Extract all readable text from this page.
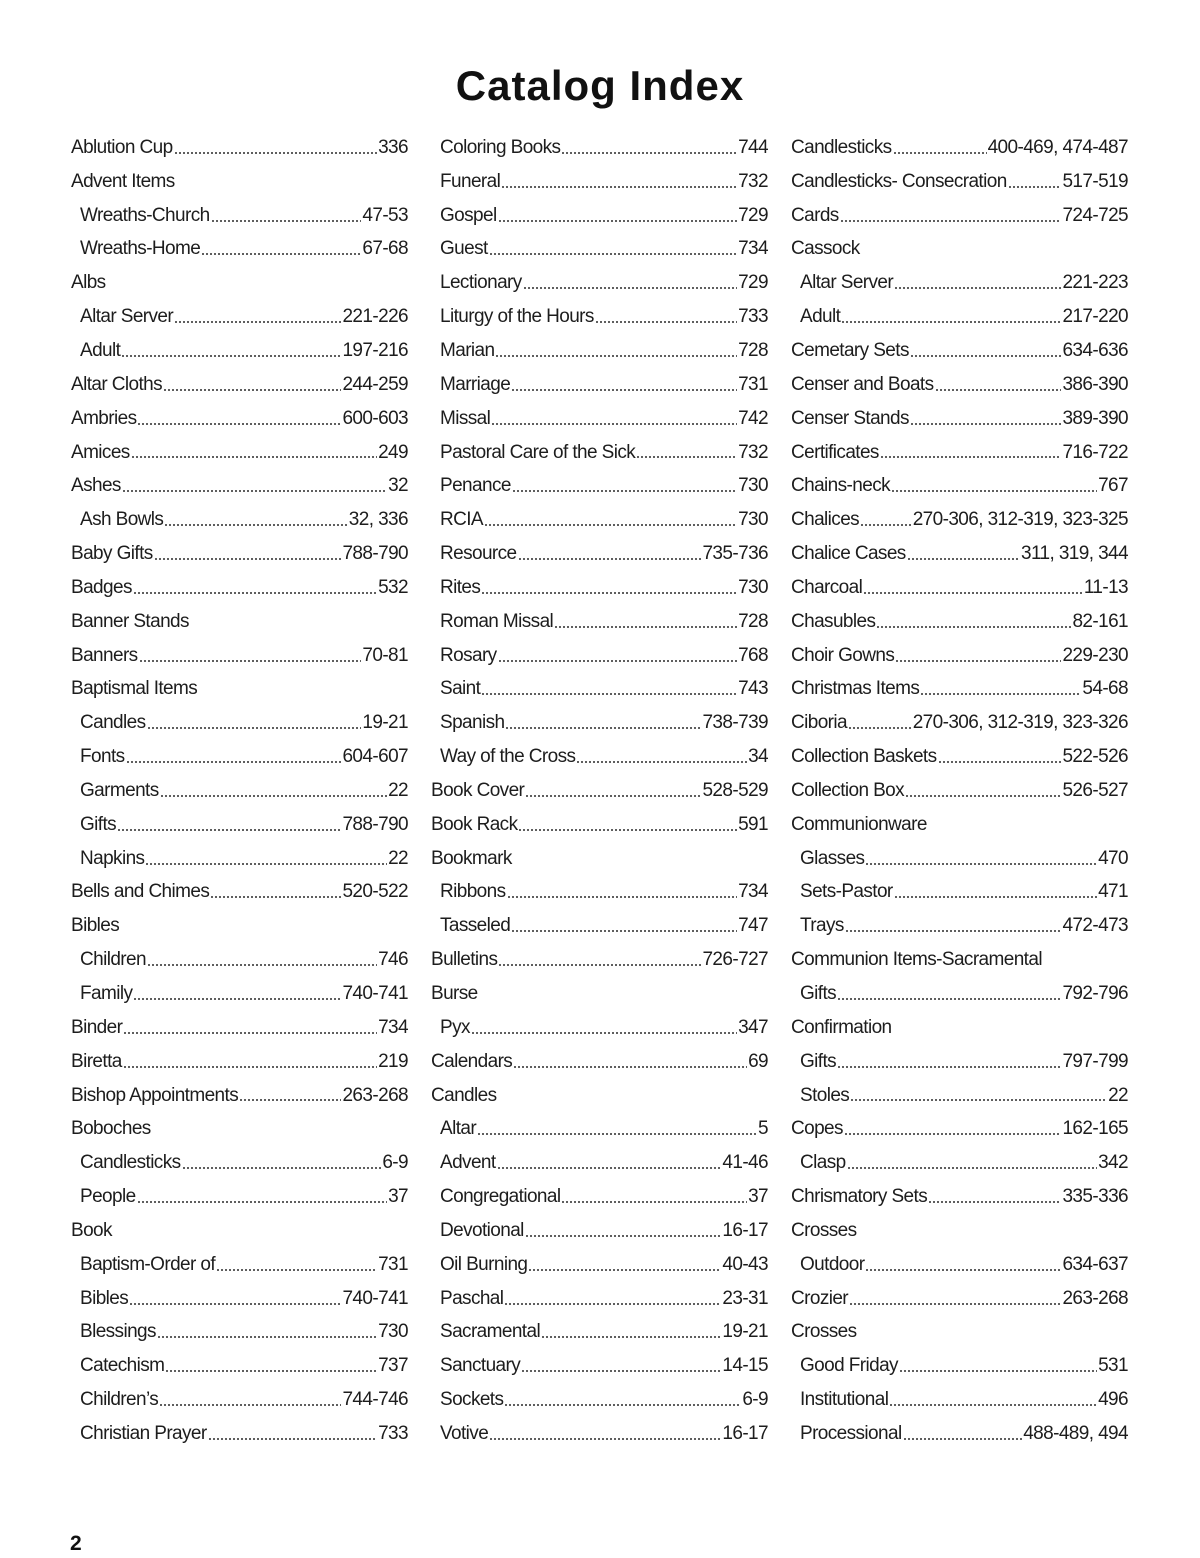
Catalog Index
Ablution Cup	336
Advent Items
Wreaths-Church	47-53
Wreaths-Home	67-68
Albs
Altar Server	221-226
Adult	197-216
Altar Cloths	244-259
Ambries	600-603
Amices	249
Ashes	32
Ash Bowls	32, 336
Baby Gifts	788-790
Badges	532
Banner Stands
Banners	70-81
Baptismal Items
Candles	19-21
Fonts	604-607
Garments	22
Gifts	788-790
Napkins	22
Bells and Chimes	520-522
Bibles
Children	746
Family	740-741
Binder	734
Biretta	219
Bishop Appointments	263-268
Boboches
Candlesticks	6-9
People	37
Book
Baptism-Order of	731
Bibles	740-741
Blessings	730
Catechism	737
Children’s	744-746
Christian Prayer	733
Coloring Books	744
Funeral	732
Gospel	729
Guest	734
Lectionary	729
Liturgy of the Hours	733
Marian	728
Marriage	731
Missal	742
Pastoral Care of the Sick	732
Penance	730
RCIA	730
Resource	735-736
Rites	730
Roman Missal	728
Rosary	768
Saint	743
Spanish	738-739
Way of the Cross	34
Book Cover	528-529
Book Rack	591
Bookmark
Ribbons	734
Tasseled	747
Bulletins	726-727
Burse
Pyx	347
Calendars	69
Candles
Altar	5
Advent	41-46
Congregational	37
Devotional	16-17
Oil Burning	40-43
Paschal	23-31
Sacramental	19-21
Sanctuary	14-15
Sockets	6-9
Votive	16-17
Candlesticks	400-469, 474-487
Candlesticks- Consecration	517-519
Cards	724-725
Cassock
Altar Server	221-223
Adult	217-220
Cemetary Sets	634-636
Censer and Boats	386-390
Censer Stands	389-390
Certificates	716-722
Chains-neck	767
Chalices	270-306, 312-319, 323-325
Chalice Cases	311, 319, 344
Charcoal	11-13
Chasubles	82-161
Choir Gowns	229-230
Christmas Items	54-68
Ciboria	270-306, 312-319, 323-326
Collection Baskets	522-526
Collection Box	526-527
Communionware
Glasses	470
Sets-Pastor	471
Trays	472-473
Communion Items-Sacramental
Gifts	792-796
Confirmation
Gifts	797-799
Stoles	22
Copes	162-165
Clasp	342
Chrismatory Sets	335-336
Crosses
Outdoor	634-637
Crozier	263-268
Crosses
Good Friday	531
Institutional	496
Processional	488-489, 494
2
